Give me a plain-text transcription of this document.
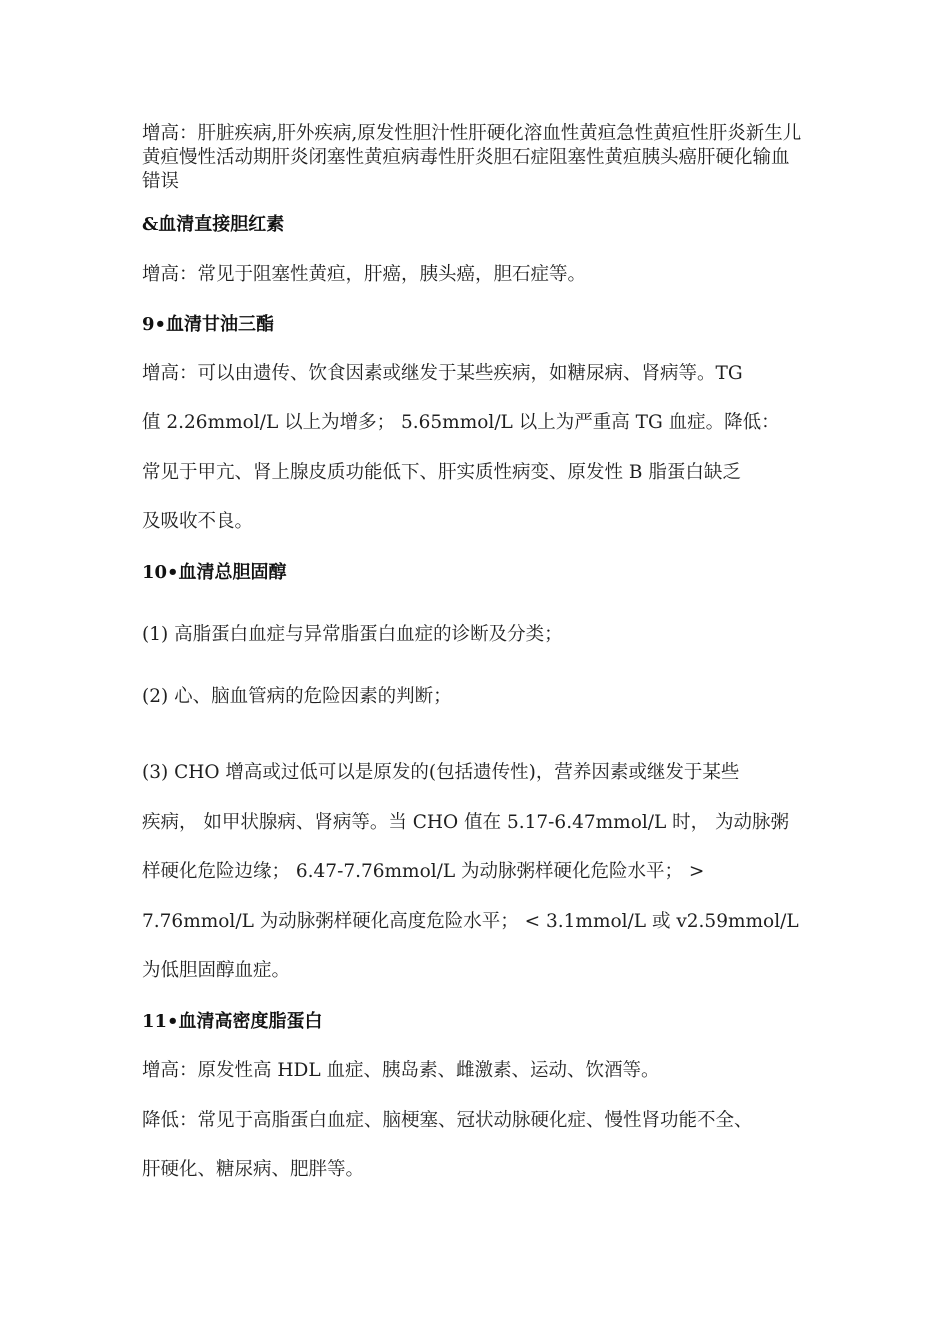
增高：肝脏疾病,肝外疾病,原发性胆汁性肝硬化溶血性黄疸急性黄疸性肝炎新生儿黄疸慢性活动期肝炎闭塞性黄疸病毒性肝炎胆石症阻塞性黄疸胰头癌肝硬化输血错误
&血清直接胆红素
增高：常见于阻塞性黄疸，肝癌，胰头癌，胆石症等。
9•血清甘油三酯
增高：可以由遗传、饮食因素或继发于某些疾病，如糖尿病、肾病等。TG
值 2.26mmol/L 以上为增多； 5.65mmol/L 以上为严重高 TG 血症。降低：
常见于甲亢、肾上腺皮质功能低下、肝实质性病变、原发性 B 脂蛋白缺乏
及吸收不良。
10•血清总胆固醇
(1) 高脂蛋白血症与异常脂蛋白血症的诊断及分类；
(2) 心、脑血管病的危险因素的判断；
(3) CHO 增高或过低可以是原发的(包括遗传性)，营养因素或继发于某些
疾病， 如甲状腺病、肾病等。当 CHO 值在 5.17-6.47mmol/L 时， 为动脉粥
样硬化危险边缘； 6.47-7.76mmol/L 为动脉粥样硬化危险水平； >
7.76mmol/L 为动脉粥样硬化高度危险水平； < 3.1mmol/L 或 v2.59mmol/L
为低胆固醇血症。
11•血清高密度脂蛋白
增高：原发性高 HDL 血症、胰岛素、雌激素、运动、饮酒等。
降低：常见于高脂蛋白血症、脑梗塞、冠状动脉硬化症、慢性肾功能不全、
肝硬化、糖尿病、肥胖等。
